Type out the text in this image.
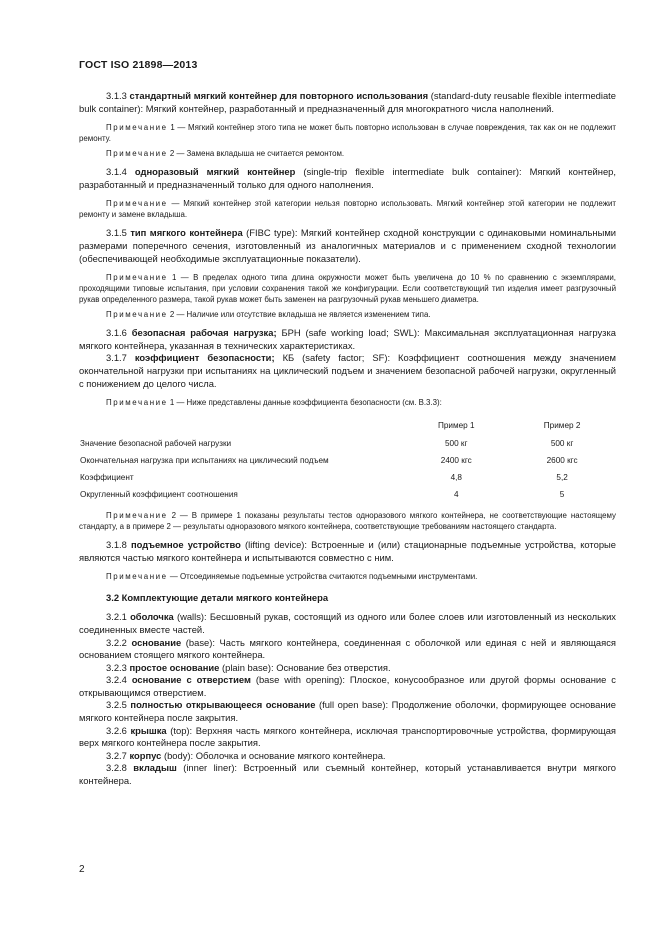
ГОСТ ISO 21898—2013

3.1.3 стандартный мягкий контейнер для повторного использования (standard-duty reusable flexible intermediate bulk container): Мягкий контейнер, разработанный и предназначенный для многократного числа наполнений.

Примечание 1 — Мягкий контейнер этого типа не может быть повторно использован в случае повреждения, так как он не подлежит ремонту.

Примечание 2 — Замена вкладыша не считается ремонтом.

3.1.4 одноразовый мягкий контейнер (single-trip flexible intermediate bulk container): Мягкий контейнер, разработанный и предназначенный только для одного наполнения.

Примечание — Мягкий контейнер этой категории нельзя повторно использовать. Мягкий контейнер этой категории не подлежит ремонту и замене вкладыша.

3.1.5 тип мягкого контейнера (FIBC type): Мягкий контейнер сходной конструкции с одинаковыми номинальными размерами поперечного сечения, изготовленный из аналогичных материалов и с применением сходной технологии (обеспечивающей необходимые эксплуатационные показатели).

Примечание 1 — В пределах одного типа длина окружности может быть увеличена до 10 % по сравнению с экземплярами, проходящими типовые испытания, при условии сохранения такой же конфигурации. Если соответствующий тип изделия имеет разгрузочный рукав определенного размера, такой рукав может быть заменен на разгрузочный рукав меньшего диаметра.

Примечание 2 — Наличие или отсутствие вкладыша не является изменением типа.

3.1.6 безопасная рабочая нагрузка; БРН (safe working load; SWL): Максимальная эксплуатационная нагрузка мягкого контейнера, указанная в технических характеристиках.

3.1.7 коэффициент безопасности; КБ (safety factor; SF): Коэффициент соотношения между значением окончательной нагрузки при испытаниях на циклический подъем и значением безопасной рабочей нагрузки, округленный с понижением до целого числа.

Примечание 1 — Ниже представлены данные коэффициента безопасности (см. В.3.3):

	Пример 1	Пример 2
Значение безопасной рабочей нагрузки	500 кг	500 кг
Окончательная нагрузка при испытаниях на циклический подъем	2400 кгс	2600 кгс
Коэффициент	4,8	5,2
Округленный коэффициент соотношения	4	5

Примечание 2 — В примере 1 показаны результаты тестов одноразового мягкого контейнера, не соответствующие настоящему стандарту, а в примере 2 — результаты одноразового мягкого контейнера, соответствующие требованиям настоящего стандарта.

3.1.8 подъемное устройство (lifting device): Встроенные и (или) стационарные подъемные устройства, которые являются частью мягкого контейнера и испытываются совместно с ним.

Примечание — Отсоединяемые подъемные устройства считаются подъемными инструментами.

3.2 Комплектующие детали мягкого контейнера

3.2.1 оболочка (walls): Бесшовный рукав, состоящий из одного или более слоев или изготовленный из нескольких соединенных вместе частей.

3.2.2 основание (base): Часть мягкого контейнера, соединенная с оболочкой или единая с ней и являющаяся основанием стоящего мягкого контейнера.

3.2.3 простое основание (plain base): Основание без отверстия.

3.2.4 основание с отверстием (base with opening): Плоское, конусообразное или другой формы основание с открывающимся отверстием.

3.2.5 полностью открывающееся основание (full open base): Продолжение оболочки, формирующее основание мягкого контейнера после закрытия.

3.2.6 крышка (top): Верхняя часть мягкого контейнера, исключая транспортировочные устройства, формирующая верх мягкого контейнера после закрытия.

3.2.7 корпус (body): Оболочка и основание мягкого контейнера.

3.2.8 вкладыш (inner liner): Встроенный или съемный контейнер, который устанавливается внутри мягкого контейнера.

2
